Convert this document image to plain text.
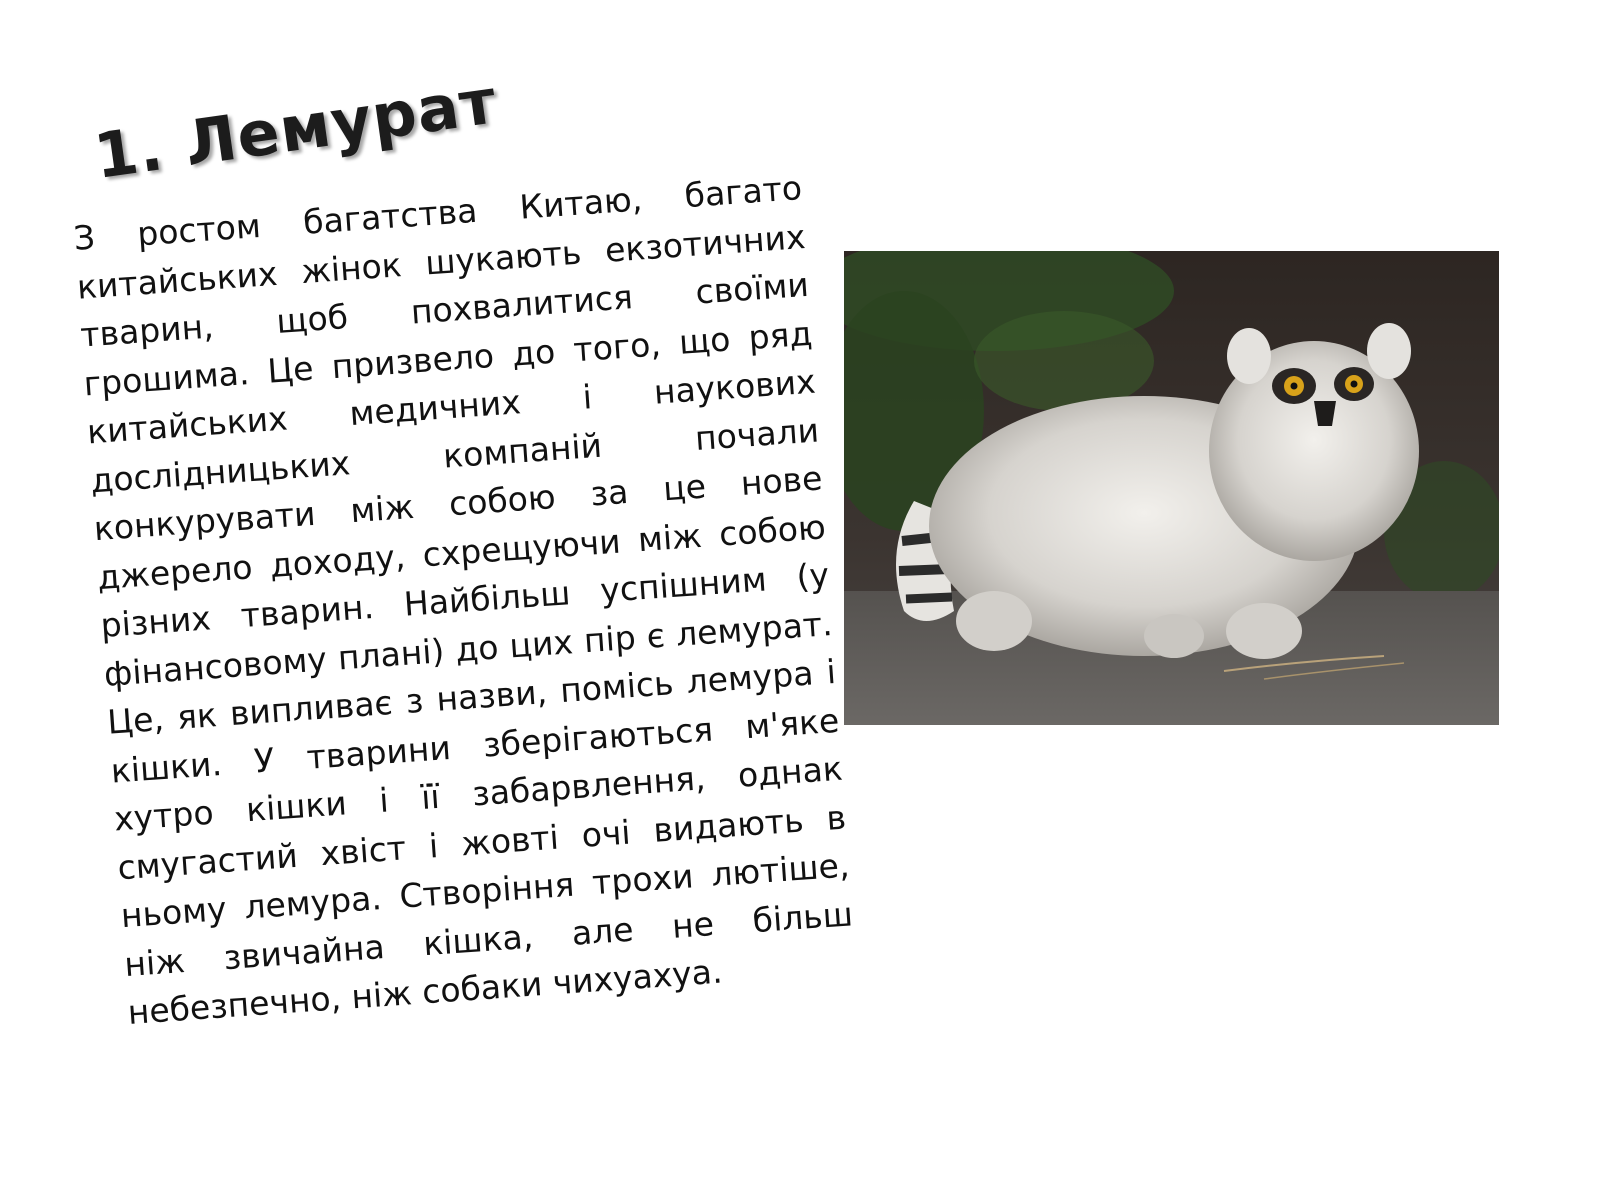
1. Лемурат
З ростом багатства Китаю, багато китайських жінок шукають екзотичних тварин, щоб похвалитися своїми грошима. Це призвело до того, що ряд китайських медичних і наукових дослідницьких компаній почали конкурувати між собою за це нове джерело доходу, схрещуючи між собою різних тварин. Найбільш успішним (у фінансовому плані) до цих пір є лемурат. Це, як випливає з назви, помісь лемура і кішки. У тварини зберігаються м'яке хутро кішки і її забарвлення, однак смугастий хвіст і жовті очі видають в ньому лемура. Створіння трохи лютіше, ніж звичайна кішка, але не більш небезпечно, ніж собаки чихуахуа.
